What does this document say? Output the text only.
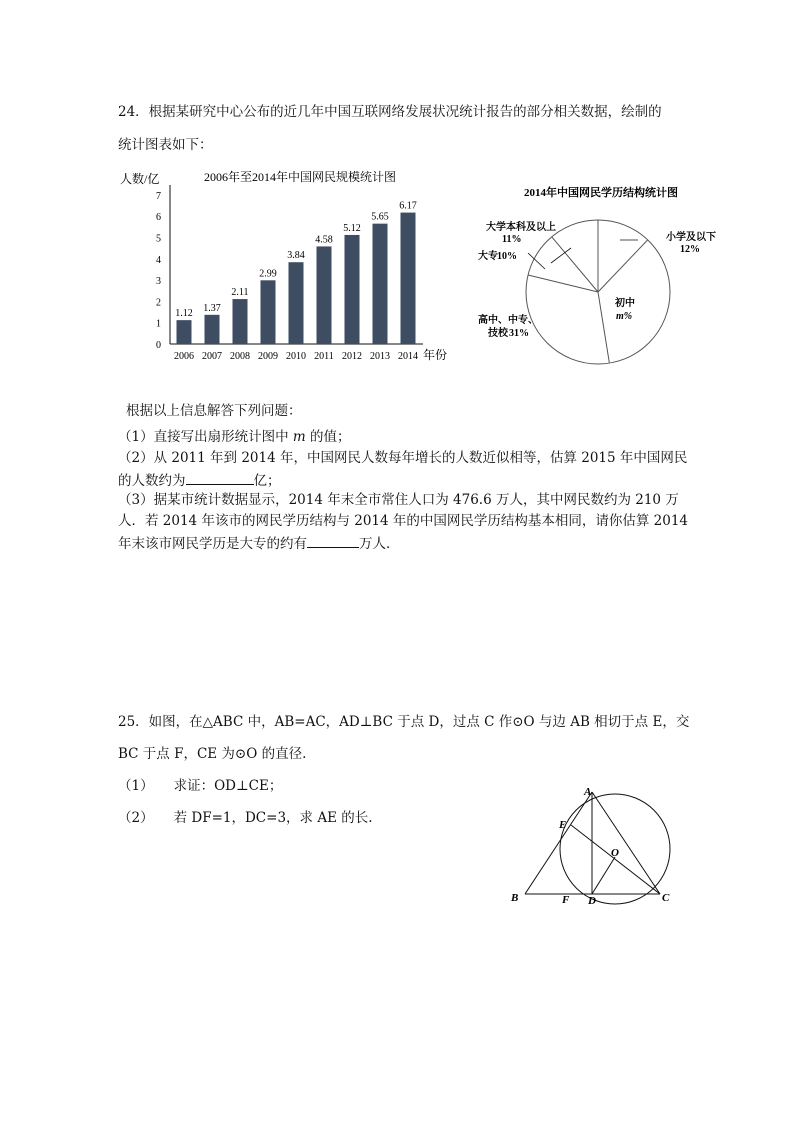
24．根据某研究中心公布的近几年中国互联网络发展状况统计报告的部分相关数据，绘制的
统计图表如下：
2006年至2014年中国网民规模统计图
人数/亿
0
1
2
3
4
5
6
7
1.12 1.37
2.11
2.99
3.84
4.58
5.12
5.65
6.17
2006 2007 2008 2009 2010 2011 2012 2013 2014 年份
2014年中国网民学历结构统计图
大学本科及以上
11%
大专 10%
小学及以下
12%
初中
m%
高中、中专、
技校 31%
根据以上信息解答下列问题：
（1）直接写出扇形统计图中 m 的值；
（2）从 2011 年到 2014 年，中国网民人数每年增长的人数近似相等，估算 2015 年中国网民
的人数约为	亿；
（3）据某市统计数据显示，2014 年末全市常住人口为 476.6 万人，其中网民数约为 210 万
人．若 2014 年该市的网民学历结构与 2014 年的中国网民学历结构基本相同，请你估算 2014
年末该市网民学历是大专的约有	万人．
25．如图，在△ABC 中，AB=AC，AD⊥BC 于点 D，过点 C 作⊙O 与边 AB 相切于点 E，交
BC 于点 F，CE 为⊙O 的直径.
（1） 求证：OD⊥CE；
（2） 若 DF=1，DC=3，求 AE 的长.
A
B	C
D
E
F
O
